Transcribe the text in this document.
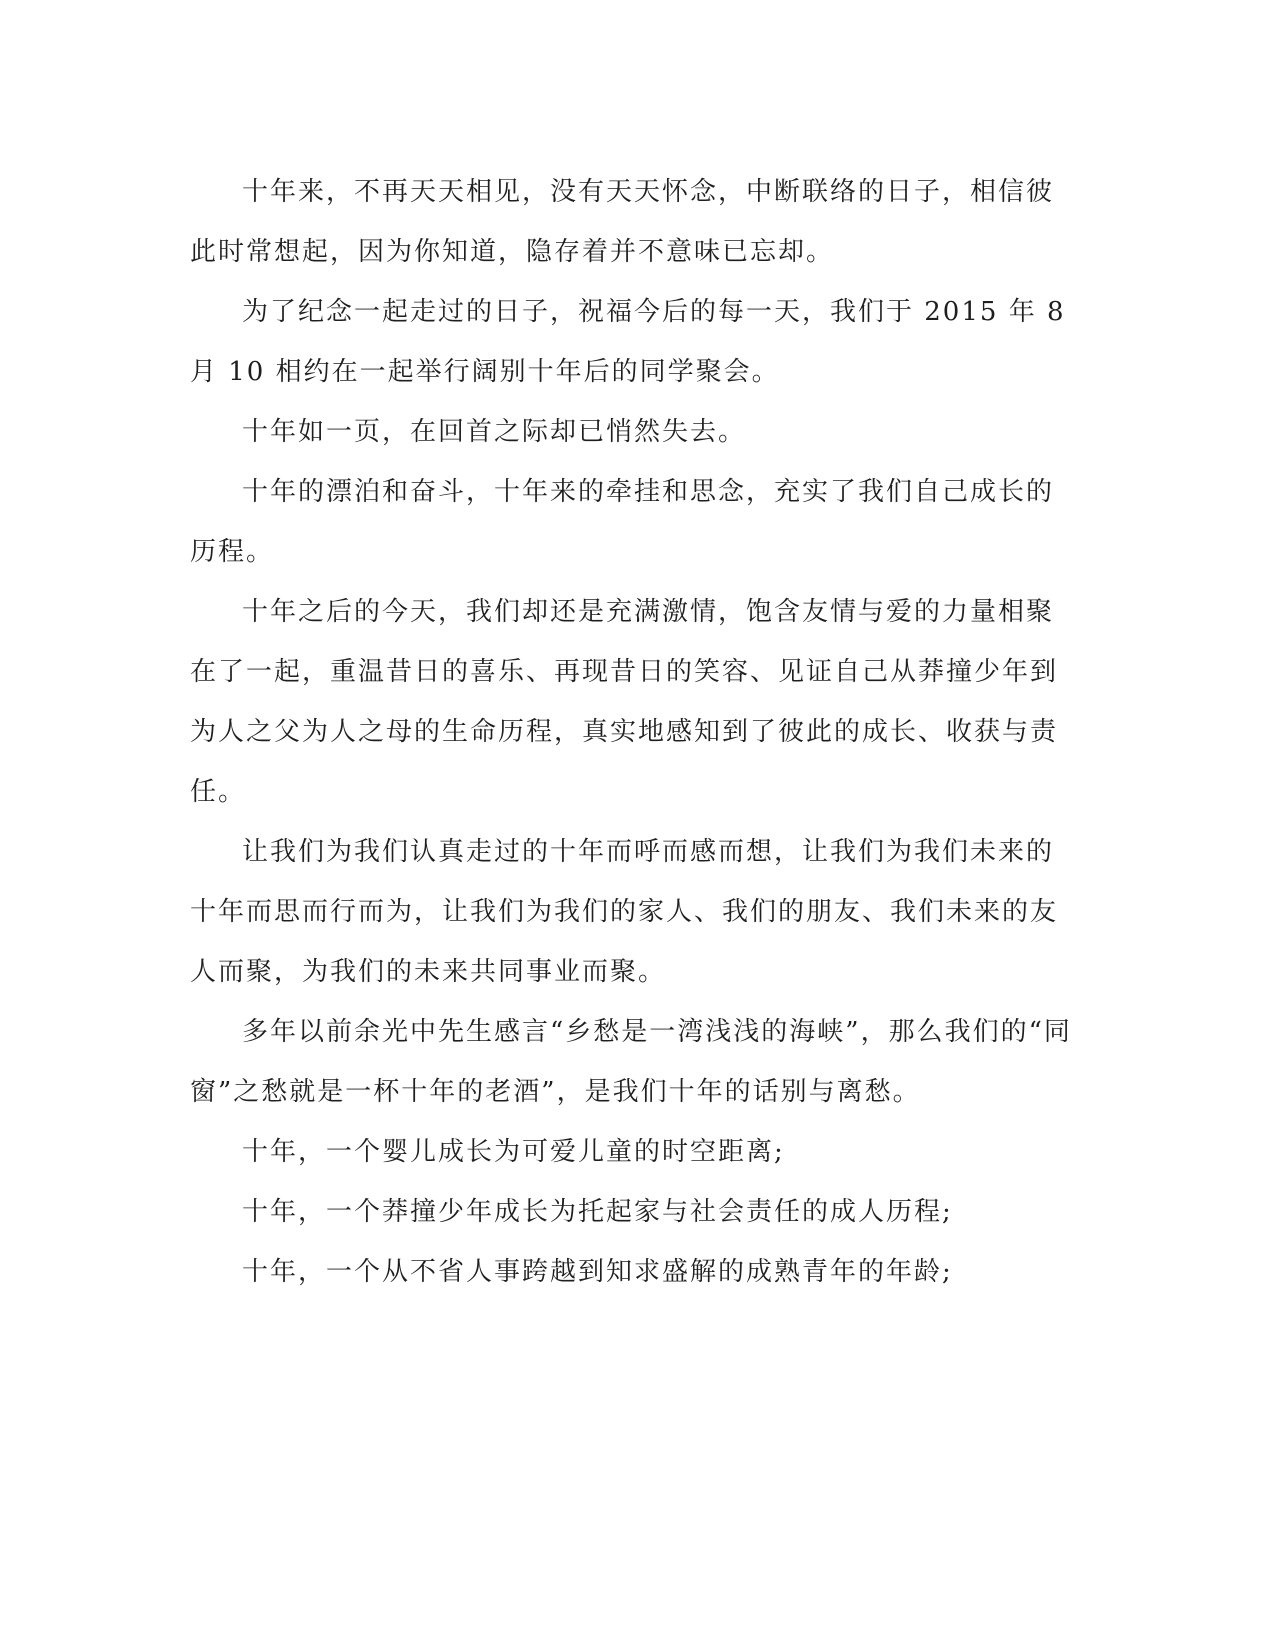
十年来，不再天天相见，没有天天怀念，中断联络的日子，相信彼此时常想起，因为你知道，隐存着并不意味已忘却。

为了纪念一起走过的日子，祝福今后的每一天，我们于 2015 年 8 月 10 相约在一起举行阔别十年后的同学聚会。

十年如一页，在回首之际却已悄然失去。

十年的漂泊和奋斗，十年来的牵挂和思念，充实了我们自己成长的历程。

十年之后的今天，我们却还是充满激情，饱含友情与爱的力量相聚在了一起，重温昔日的喜乐、再现昔日的笑容、见证自己从莽撞少年到为人之父为人之母的生命历程，真实地感知到了彼此的成长、收获与责任。

让我们为我们认真走过的十年而呼而感而想，让我们为我们未来的十年而思而行而为，让我们为我们的家人、我们的朋友、我们未来的友人而聚，为我们的未来共同事业而聚。

多年以前余光中先生感言“乡愁是一湾浅浅的海峡”，那么我们的“同窗”之愁就是一杯十年的老酒”，是我们十年的话别与离愁。

十年，一个婴儿成长为可爱儿童的时空距离;

十年，一个莽撞少年成长为托起家与社会责任的成人历程;

十年，一个从不省人事跨越到知求盛解的成熟青年的年龄;
